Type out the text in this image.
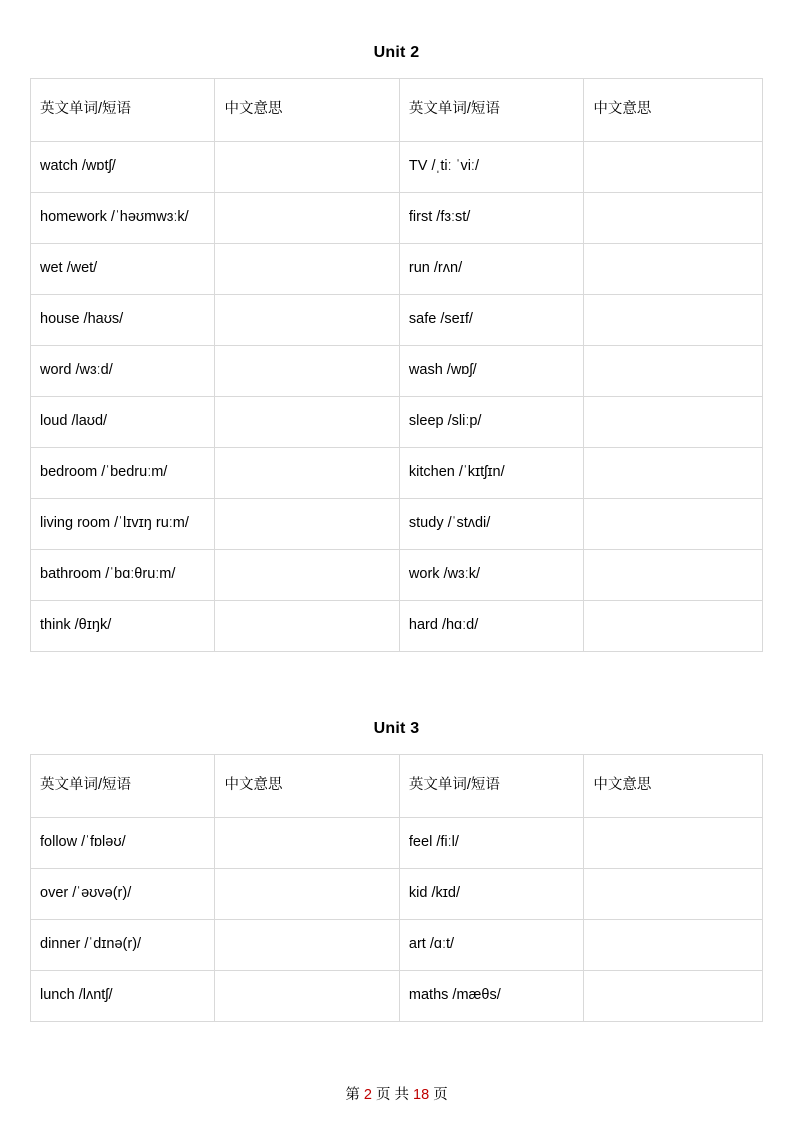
Unit 2
英文单词/短语	中文意思	英文单词/短语	中文意思
watch /wɒtʃ/		TV /ˌtiː ˈviː/	
homework /ˈhəʊmwɜːk/		first /fɜːst/	
wet /wet/		run /rʌn/	
house /haʊs/		safe /seɪf/	
word /wɜːd/		wash /wɒʃ/	
loud /laʊd/		sleep /sliːp/	
bedroom /ˈbedruːm/		kitchen /ˈkɪtʃɪn/	
living room /ˈlɪvɪŋ ruːm/		study /ˈstʌdi/	
bathroom /ˈbɑːθruːm/		work /wɜːk/	
think /θɪŋk/		hard /hɑːd/	
Unit 3
英文单词/短语	中文意思	英文单词/短语	中文意思
follow /ˈfɒləʊ/		feel /fiːl/	
over /ˈəʊvə(r)/		kid /kɪd/	
dinner /ˈdɪnə(r)/		art /ɑːt/	
lunch /lʌntʃ/		maths /mæθs/	
第 2 页 共 18 页
